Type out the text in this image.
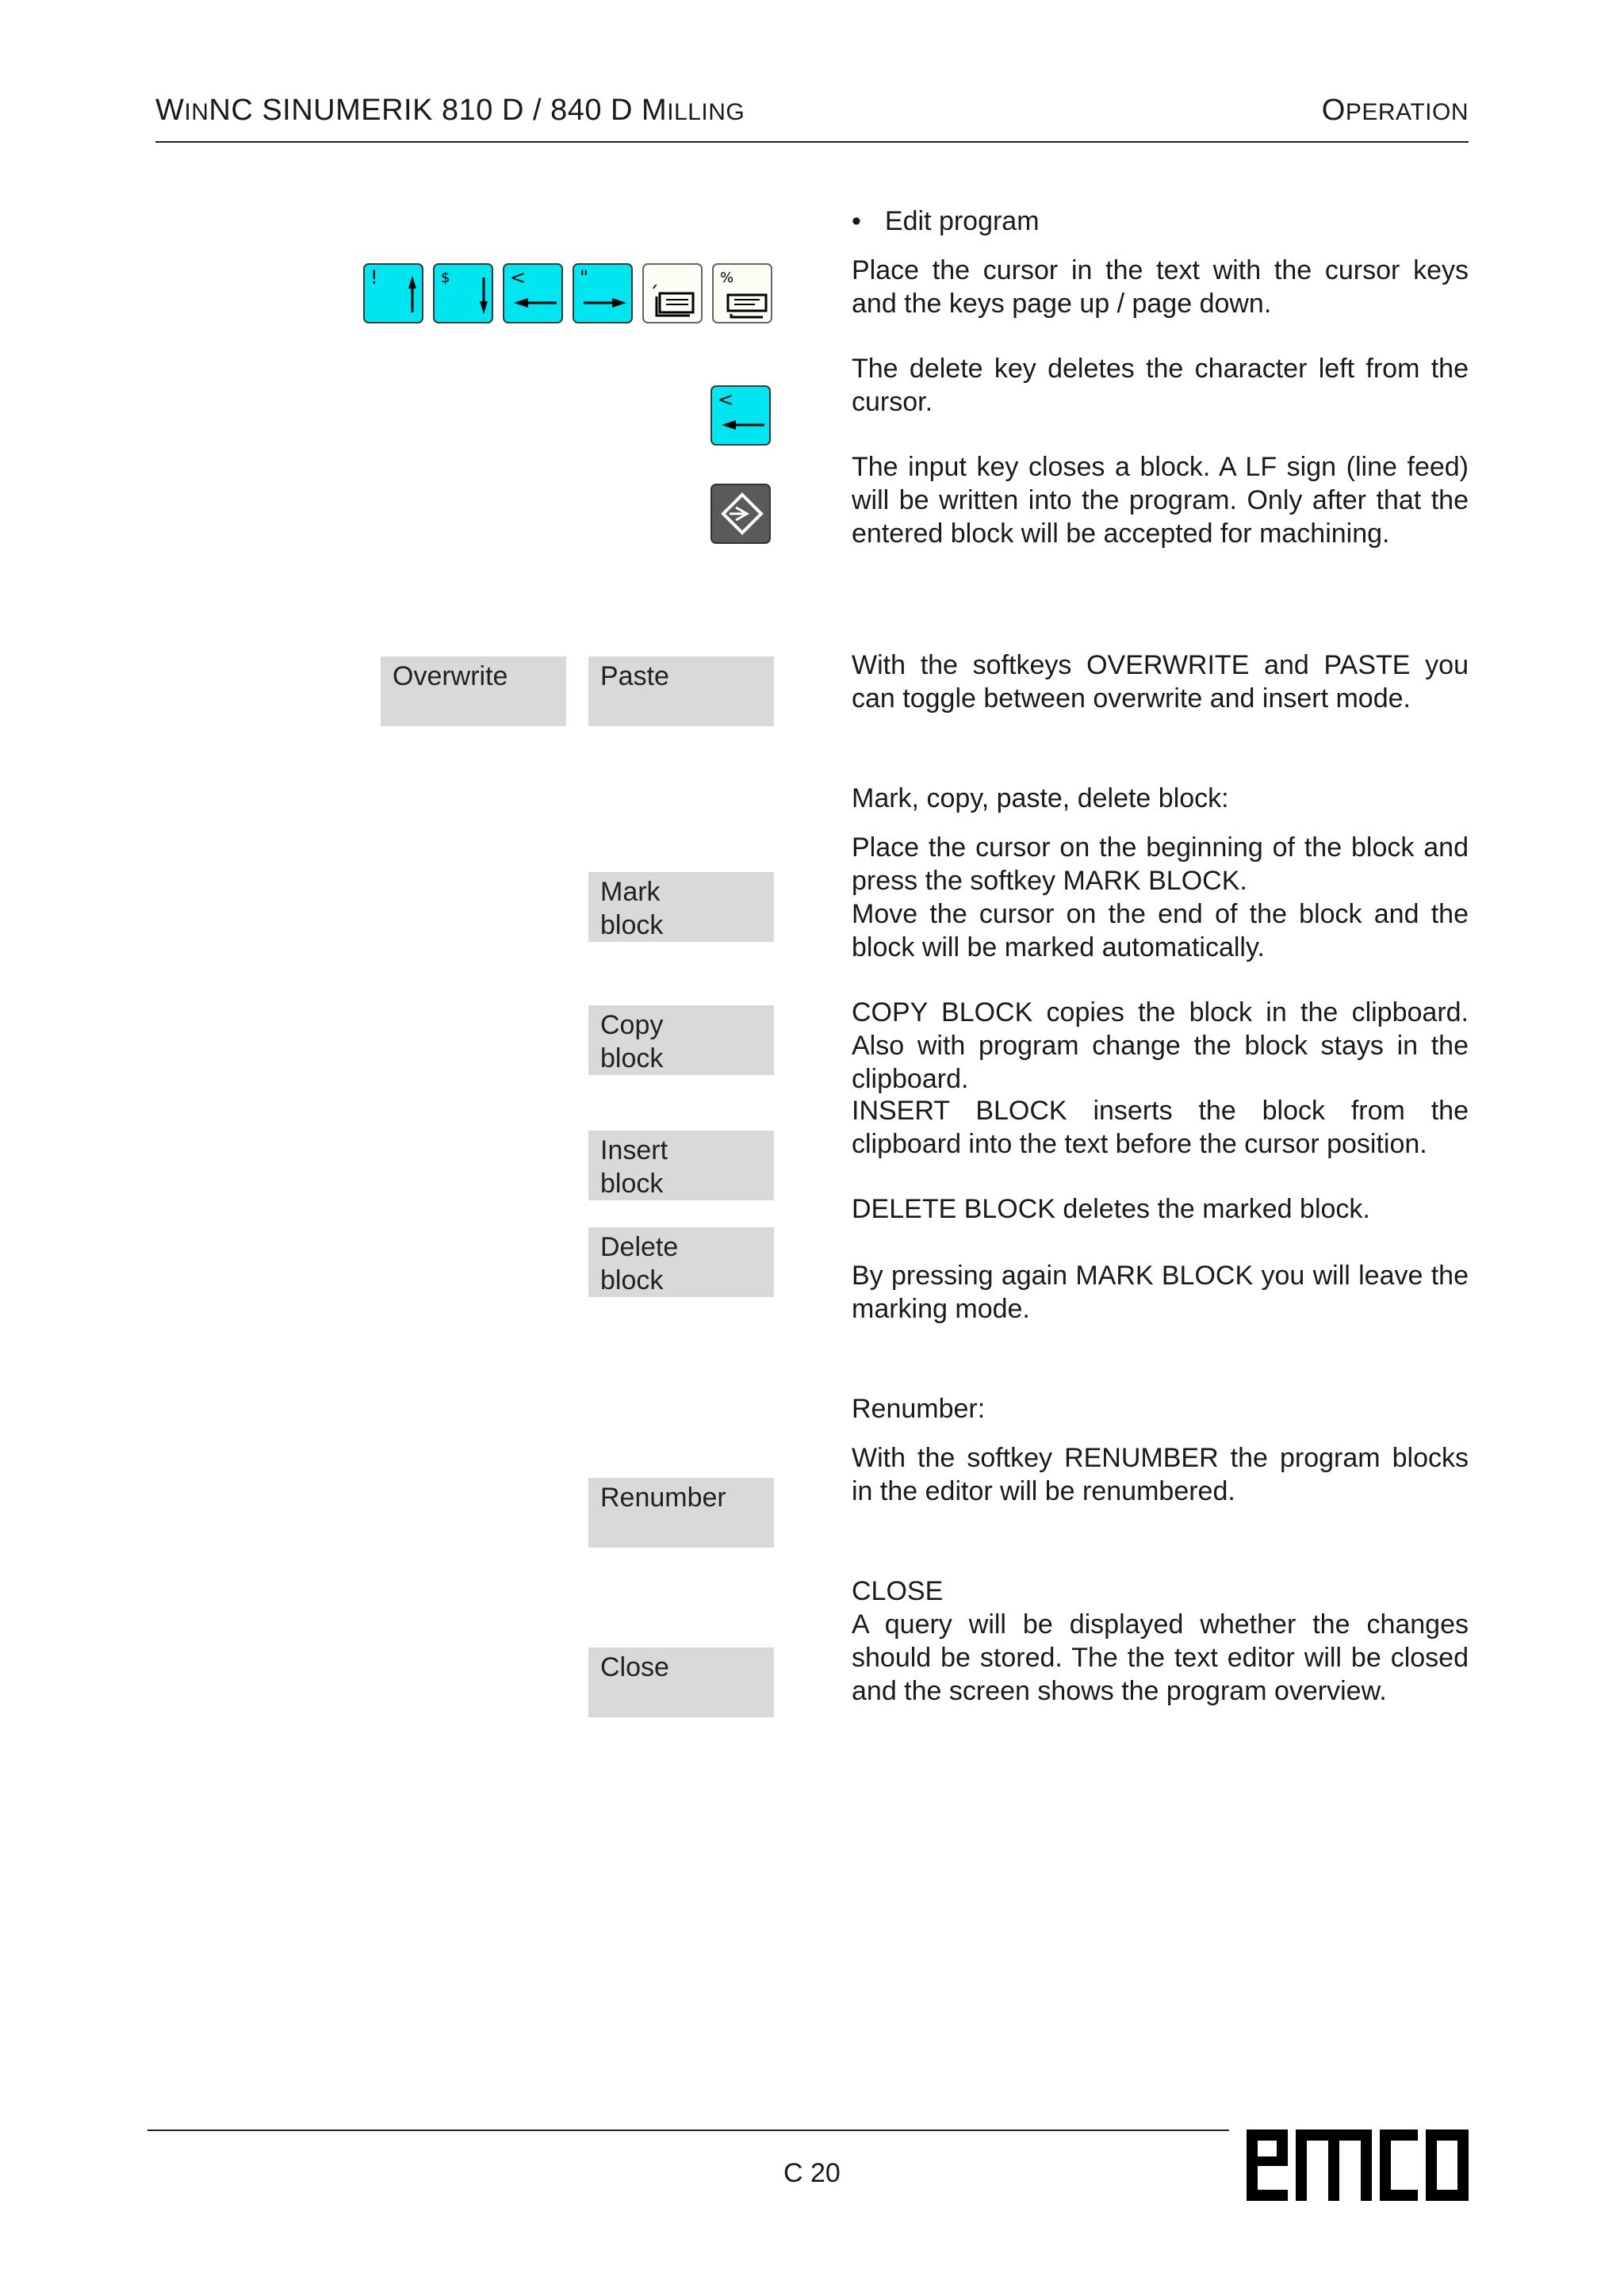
WINNC SINUMERIK 810 D / 840 D MILLING	OPERATION
!	$	<	"
´
%
<
• Edit program

Place the cursor in the text with the cursor keys and the keys page up / page down.

The delete key deletes the character left from the cursor.

The input key closes a block. A LF sign (line feed) will be written into the program. Only after that the entered block will be accepted for machining.

With the softkeys OVERWRITE and PASTE you can toggle between overwrite and insert mode.

Mark, copy, paste, delete block:

Place the cursor on the beginning of the block and press the softkey MARK BLOCK.

Move the cursor on the end of the block and the block will be marked automatically.

COPY BLOCK copies the block in the clipboard. Also with program change the block stays in the clipboard.

INSERT BLOCK inserts the block from the clipboard into the text before the cursor position.

DELETE BLOCK deletes the marked block.

By pressing again MARK BLOCK you will leave the marking mode.

Renumber:

With the softkey RENUMBER the program blocks in the editor will be renumbered.

CLOSE

A query will be displayed whether the changes should be stored. The the text editor will be closed and the screen shows the program overview.

Overwrite	Paste
Mark
block
Copy
block
Insert
block
Delete
block
Renumber
Close
C 20
